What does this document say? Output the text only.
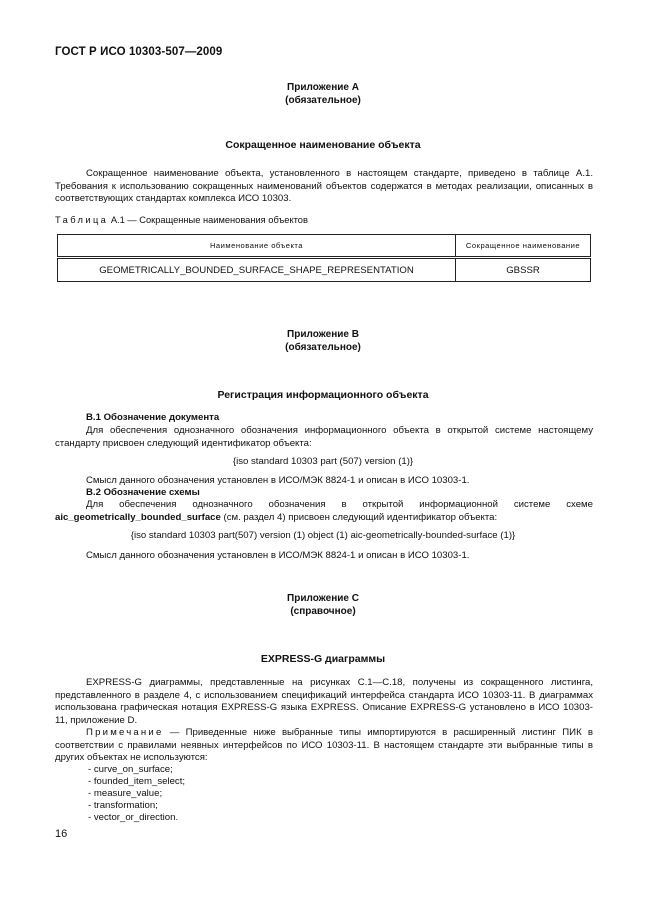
ГОСТ Р ИСО 10303-507—2009
Приложение А
(обязательное)
Сокращенное наименование объекта
Сокращенное наименование объекта, установленного в настоящем стандарте, приведено в таблице А.1. Требования к использованию сокращенных наименований объектов содержатся в методах реализации, описанных в соответствующих стандартах комплекса ИСО 10303.
Таблица А.1 — Сокращенные наименования объектов
Наименование объекта	Сокращенное наименование
GEOMETRICALLY_BOUNDED_SURFACE_SHAPE_REPRESENTATION	GBSSR
Приложение В
(обязательное)
Регистрация информационного объекта
В.1 Обозначение документа
Для обеспечения однозначного обозначения информационного объекта в открытой системе настоящему стандарту присвоен следующий идентификатор объекта:
{iso standard 10303 part (507) version (1)}
Смысл данного обозначения установлен в ИСО/МЭК 8824-1 и описан в ИСО 10303-1.
В.2 Обозначение схемы
Для обеспечения однозначного обозначения в открытой информационной системе схеме aic_geometrically_bounded_surface (см. раздел 4) присвоен следующий идентификатор объекта:
{iso standard 10303 part(507) version (1) object (1) aic-geometrically-bounded-surface (1)}
Смысл данного обозначения установлен в ИСО/МЭК 8824-1 и описан в ИСО 10303-1.
Приложение С
(справочное)
EXPRESS-G диаграммы
EXPRESS-G диаграммы, представленные на рисунках С.1—С.18, получены из сокращенного листинга, представленного в разделе 4, с использованием спецификаций интерфейса стандарта ИСО 10303-11. В диаграммах использована графическая нотация EXPRESS-G языка EXPRESS. Описание EXPRESS-G установлено в ИСО 10303-11, приложение D.
Примечание — Приведенные ниже выбранные типы импортируются в расширенный листинг ПИК в соответствии с правилами неявных интерфейсов по ИСО 10303-11. В настоящем стандарте эти выбранные типы в других объектах не используются:
- curve_on_surface;
- founded_item_select;
- measure_value;
- transformation;
- vector_or_direction.
16
